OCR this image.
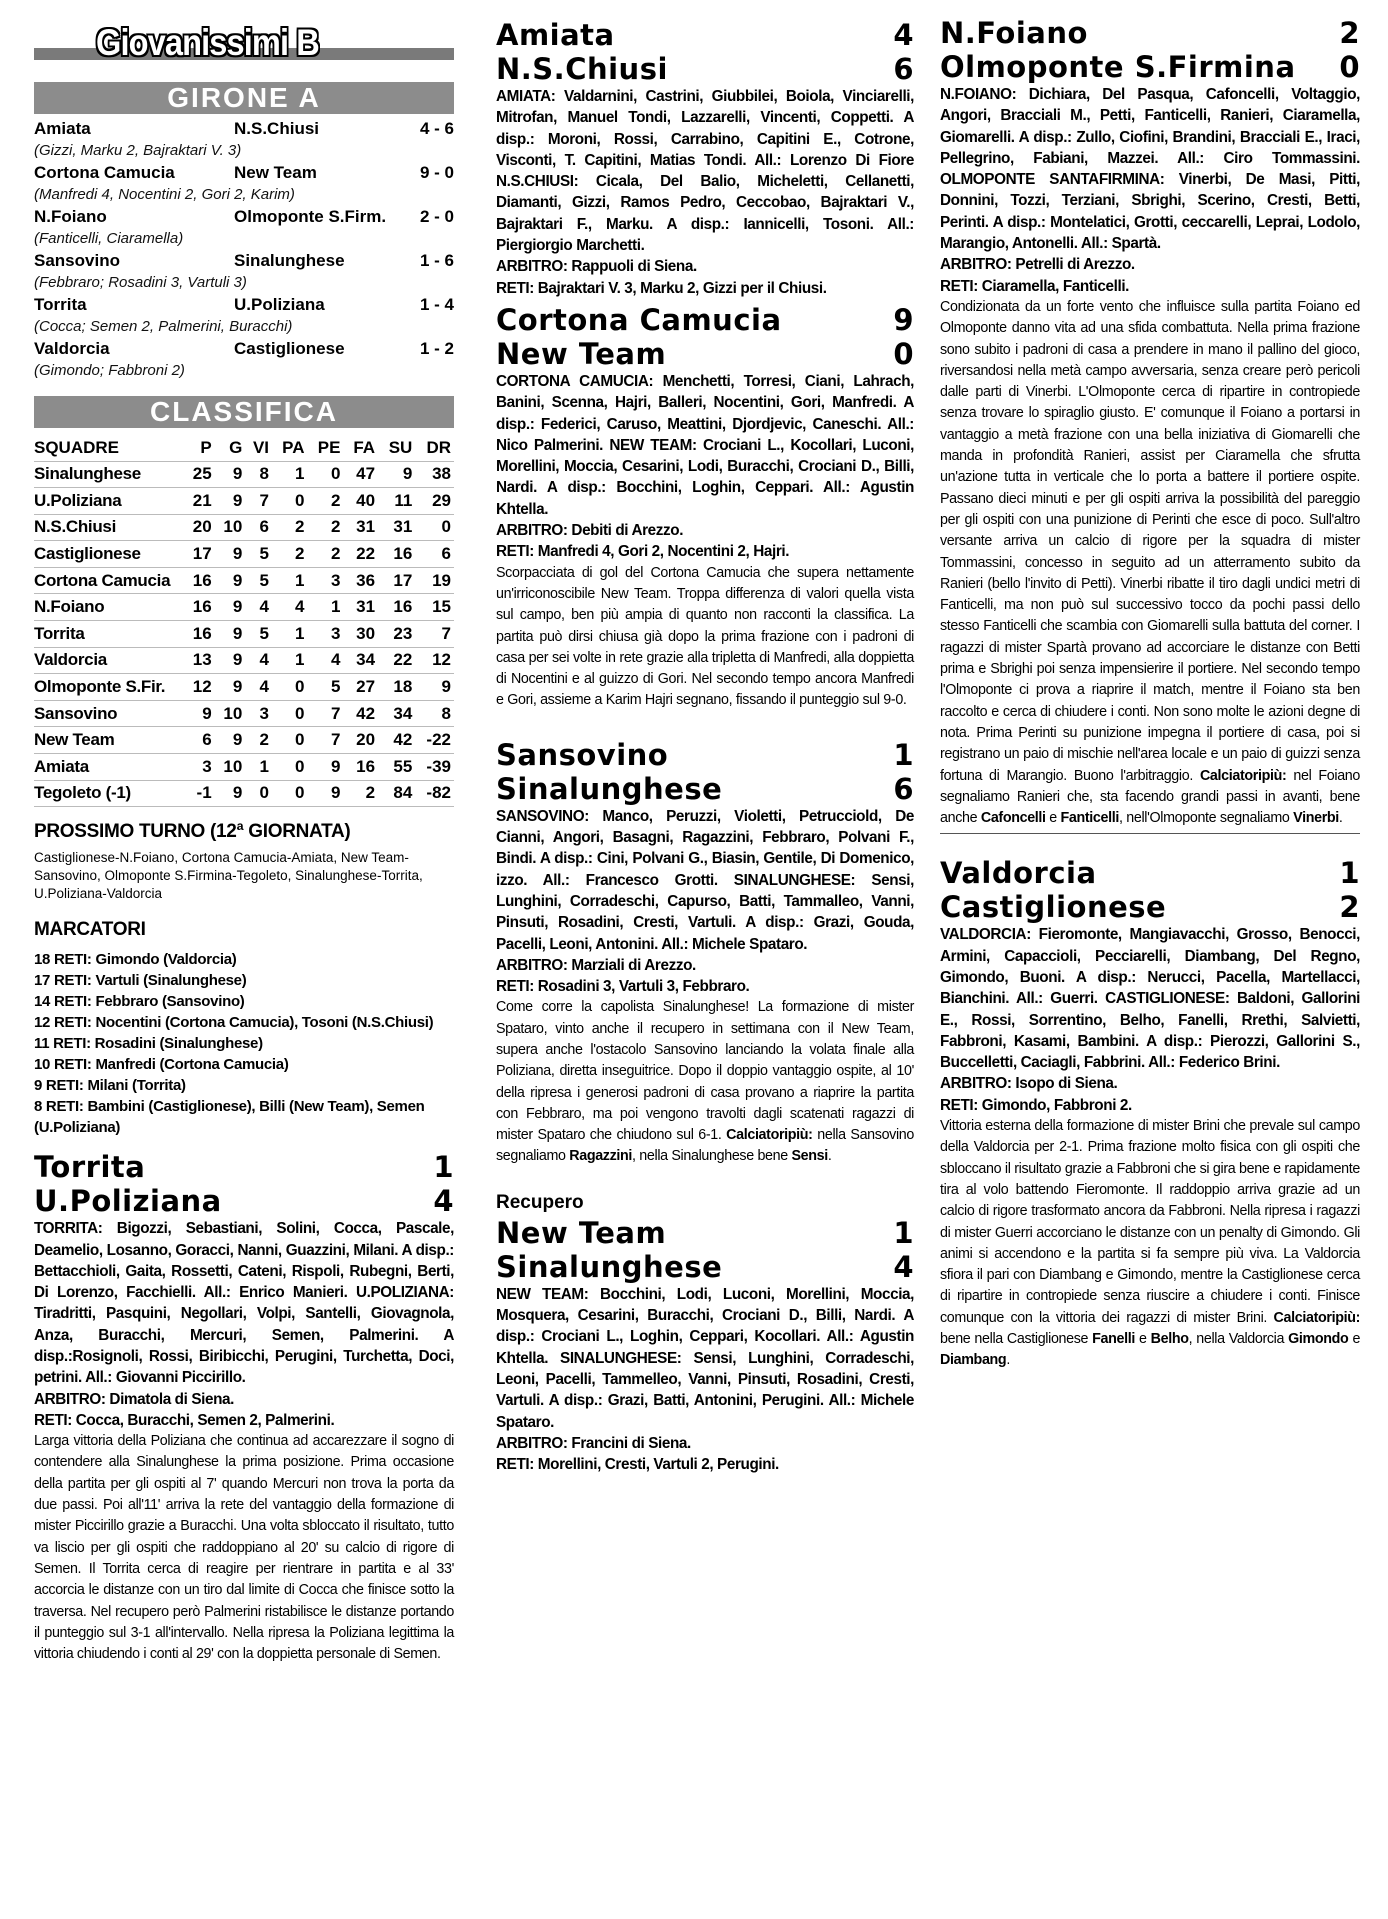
Giovanissimi B
GIRONE A
Amiata	N.S.Chiusi	4 - 6
(Gizzi, Marku 2, Bajraktari V. 3)
Cortona Camucia	New Team	9 - 0
(Manfredi 4, Nocentini 2, Gori 2, Karim)
N.Foiano	Olmoponte S.Firm.	2 - 0
(Fanticelli, Ciaramella)
Sansovino	Sinalunghese	1 - 6
(Febbraro; Rosadini 3, Vartuli 3)
Torrita	U.Poliziana	1 - 4
(Cocca; Semen 2, Palmerini, Buracchi)
Valdorcia	Castiglionese	1 - 2
(Gimondo; Fabbroni 2)
CLASSIFICA
SQUADRE	P	G	VI	PA	PE	FA	SU	DR
Sinalunghese	25	9	8	1	0	47	9	38
U.Poliziana	21	9	7	0	2	40	11	29
N.S.Chiusi	20	10	6	2	2	31	31	0
Castiglionese	17	9	5	2	2	22	16	6
Cortona Camucia	16	9	5	1	3	36	17	19
N.Foiano	16	9	4	4	1	31	16	15
Torrita	16	9	5	1	3	30	23	7
Valdorcia	13	9	4	1	4	34	22	12
Olmoponte S.Fir.	12	9	4	0	5	27	18	9
Sansovino	9	10	3	0	7	42	34	8
New Team	6	9	2	0	7	20	42	-22
Amiata	3	10	1	0	9	16	55	-39
Tegoleto (-1)	-1	9	0	0	9	2	84	-82
PROSSIMO TURNO (12ª GIORNATA)
Castiglionese-N.Foiano, Cortona Camucia-Amiata, New Team-Sansovino, Olmoponte S.Firmina-Tegoleto, Sinalunghese-Torrita, U.Poliziana-Valdorcia
MARCATORI
18 RETI: Gimondo (Valdorcia)
17 RETI: Vartuli (Sinalunghese)
14 RETI: Febbraro (Sansovino)
12 RETI: Nocentini (Cortona Camucia), Tosoni (N.S.Chiusi)
11 RETI: Rosadini (Sinalunghese)
10 RETI: Manfredi (Cortona Camucia)
9 RETI: Milani (Torrita)
8 RETI: Bambini (Castiglionese), Billi (New Team), Semen (U.Poliziana)
Torrita	1
U.Poliziana	4
TORRITA: Bigozzi, Sebastiani, Solini, Cocca, Pascale, Deamelio, Losanno, Goracci, Nanni, Guazzini, Milani. A disp.: Bettacchioli, Gaita, Rossetti, Cateni, Rispoli, Rubegni, Berti, Di Lorenzo, Facchielli. All.: Enrico Manieri. U.POLIZIANA: Tiradritti, Pasquini, Negollari, Volpi, Santelli, Giovagnola, Anza, Buracchi, Mercuri, Semen, Palmerini. A disp.:Rosignoli, Rossi, Biribicchi, Perugini, Turchetta, Doci, petrini. All.: Giovanni Piccirillo.
ARBITRO: Dimatola di Siena.
RETI: Cocca, Buracchi, Semen 2, Palmerini.
Larga vittoria della Poliziana che continua ad accarezzare il sogno di contendere alla Sinalunghese la prima posizione. Prima occasione della partita per gli ospiti al 7' quando Mercuri non trova la porta da due passi. Poi all'11' arriva la rete del vantaggio della formazione di mister Piccirillo grazie a Buracchi. Una volta sbloccato il risultato, tutto va liscio per gli ospiti che raddoppiano al 20' su calcio di rigore di Semen. Il Torrita cerca di reagire per rientrare in partita e al 33' accorcia le distanze con un tiro dal limite di Cocca che finisce sotto la traversa. Nel recupero però Palmerini ristabilisce le distanze portando il punteggio sul 3-1 all'intervallo. Nella ripresa la Poliziana legittima la vittoria chiudendo i conti al 29' con la doppietta personale di Semen.
Amiata	4
N.S.Chiusi	6
AMIATA: Valdarnini, Castrini, Giubbilei, Boiola, Vinciarelli, Mitrofan, Manuel Tondi, Lazzarelli, Vincenti, Coppetti. A disp.: Moroni, Rossi, Carrabino, Capitini E., Cotrone, Visconti, T. Capitini, Matias Tondi. All.: Lorenzo Di Fiore N.S.CHIUSI: Cicala, Del Balio, Micheletti, Cellanetti, Diamanti, Gizzi, Ramos Pedro, Ceccobao, Bajraktari V., Bajraktari F., Marku. A disp.: Iannicelli, Tosoni. All.: Piergiorgio Marchetti.
ARBITRO: Rappuoli di Siena.
RETI: Bajraktari V. 3, Marku 2, Gizzi per il Chiusi.
Cortona Camucia	9
New Team	0
CORTONA CAMUCIA: Menchetti, Torresi, Ciani, Lahrach, Banini, Scenna, Hajri, Balleri, Nocentini, Gori, Manfredi. A disp.: Federici, Caruso, Meattini, Djordjevic, Caneschi. All.: Nico Palmerini. NEW TEAM: Crociani L., Kocollari, Luconi, Morellini, Moccia, Cesarini, Lodi, Buracchi, Crociani D., Billi, Nardi. A disp.: Bocchini, Loghin, Ceppari. All.: Agustin Khtella.
ARBITRO: Debiti di Arezzo.
RETI: Manfredi 4, Gori 2, Nocentini 2, Hajri.
Scorpacciata di gol del Cortona Camucia che supera nettamente un'irriconoscibile New Team. Troppa differenza di valori quella vista sul campo, ben più ampia di quanto non racconti la classifica. La partita può dirsi chiusa già dopo la prima frazione con i padroni di casa per sei volte in rete grazie alla tripletta di Manfredi, alla doppietta di Nocentini e al guizzo di Gori. Nel secondo tempo ancora Manfredi e Gori, assieme a Karim Hajri segnano, fissando il punteggio sul 9-0.
Sansovino	1
Sinalunghese	6
SANSOVINO: Manco, Peruzzi, Violetti, Petrucciold, De Cianni, Angori, Basagni, Ragazzini, Febbraro, Polvani F., Bindi. A disp.: Cini, Polvani G., Biasin, Gentile, Di Domenico, izzo. All.: Francesco Grotti. SINALUNGHESE: Sensi, Lunghini, Corradeschi, Capurso, Batti, Tammalleo, Vanni, Pinsuti, Rosadini, Cresti, Vartuli. A disp.: Grazi, Gouda, Pacelli, Leoni, Antonini. All.: Michele Spataro.
ARBITRO: Marziali di Arezzo.
RETI: Rosadini 3, Vartuli 3, Febbraro.
Come corre la capolista Sinalunghese! La formazione di mister Spataro, vinto anche il recupero in settimana con il New Team, supera anche l'ostacolo Sansovino lanciando la volata finale alla Poliziana, diretta inseguitrice. Dopo il doppio vantaggio ospite, al 10' della ripresa i generosi padroni di casa provano a riaprire la partita con Febbraro, ma poi vengono travolti dagli scatenati ragazzi di mister Spataro che chiudono sul 6-1. Calciatoripiù: nella Sansovino segnaliamo Ragazzini, nella Sinalunghese bene Sensi.
Recupero
New Team	1
Sinalunghese	4
NEW TEAM: Bocchini, Lodi, Luconi, Morellini, Moccia, Mosquera, Cesarini, Buracchi, Crociani D., Billi, Nardi. A disp.: Crociani L., Loghin, Ceppari, Kocollari. All.: Agustin Khtella. SINALUNGHESE: Sensi, Lunghini, Corradeschi, Leoni, Pacelli, Tammelleo, Vanni, Pinsuti, Rosadini, Cresti, Vartuli. A disp.: Grazi, Batti, Antonini, Perugini. All.: Michele Spataro.
ARBITRO: Francini di Siena.
RETI: Morellini, Cresti, Vartuli 2, Perugini.
N.Foiano	2
Olmoponte S.Firmina	0
N.FOIANO: Dichiara, Del Pasqua, Cafoncelli, Voltaggio, Angori, Bracciali M., Petti, Fanticelli, Ranieri, Ciaramella, Giomarelli. A disp.: Zullo, Ciofini, Brandini, Bracciali E., Iraci, Pellegrino, Fabiani, Mazzei. All.: Ciro Tommassini. OLMOPONTE SANTAFIRMINA: Vinerbi, De Masi, Pitti, Donnini, Tozzi, Terziani, Sbrighi, Scerino, Cresti, Betti, Perinti. A disp.: Montelatici, Grotti, ceccarelli, Leprai, Lodolo, Marangio, Antonelli. All.: Spartà.
ARBITRO: Petrelli di Arezzo.
RETI: Ciaramella, Fanticelli.
Condizionata da un forte vento che influisce sulla partita Foiano ed Olmoponte danno vita ad una sfida combattuta. Nella prima frazione sono subito i padroni di casa a prendere in mano il pallino del gioco, riversandosi nella metà campo avversaria, senza creare però pericoli dalle parti di Vinerbi. L'Olmoponte cerca di ripartire in contropiede senza trovare lo spiraglio giusto. E' comunque il Foiano a portarsi in vantaggio a metà frazione con una bella iniziativa di Giomarelli che manda in profondità Ranieri, assist per Ciaramella che sfrutta un'azione tutta in verticale che lo porta a battere il portiere ospite. Passano dieci minuti e per gli ospiti arriva la possibilità del pareggio per gli ospiti con una punizione di Perinti che esce di poco. Sull'altro versante arriva un calcio di rigore per la squadra di mister Tommassini, concesso in seguito ad un atterramento subito da Ranieri (bello l'invito di Petti). Vinerbi ribatte il tiro dagli undici metri di Fanticelli, ma non può sul successivo tocco da pochi passi dello stesso Fanticelli che scambia con Giomarelli sulla battuta del corner. I ragazzi di mister Spartà provano ad accorciare le distanze con Betti prima e Sbrighi poi senza impensierire il portiere. Nel secondo tempo l'Olmoponte ci prova a riaprire il match, mentre il Foiano sta ben raccolto e cerca di chiudere i conti. Non sono molte le azioni degne di nota. Prima Perinti su punizione impegna il portiere di casa, poi si registrano un paio di mischie nell'area locale e un paio di guizzi senza fortuna di Marangio. Buono l'arbitraggio. Calciatoripiù: nel Foiano segnaliamo Ranieri che, sta facendo grandi passi in avanti, bene anche Cafoncelli e Fanticelli, nell'Olmoponte segnaliamo Vinerbi.
Valdorcia	1
Castiglionese	2
VALDORCIA: Fieromonte, Mangiavacchi, Grosso, Benocci, Armini, Capaccioli, Pecciarelli, Diambang, Del Regno, Gimondo, Buoni. A disp.: Nerucci, Pacella, Martellacci, Bianchini. All.: Guerri. CASTIGLIONESE: Baldoni, Gallorini E., Rossi, Sorrentino, Belho, Fanelli, Rrethi, Salvietti, Fabbroni, Kasami, Bambini. A disp.: Pierozzi, Gallorini S., Buccelletti, Caciagli, Fabbrini. All.: Federico Brini.
ARBITRO: Isopo di Siena.
RETI: Gimondo, Fabbroni 2.
Vittoria esterna della formazione di mister Brini che prevale sul campo della Valdorcia per 2-1. Prima frazione molto fisica con gli ospiti che sbloccano il risultato grazie a Fabbroni che si gira bene e rapidamente tira al volo battendo Fieromonte. Il raddoppio arriva grazie ad un calcio di rigore trasformato ancora da Fabbroni. Nella ripresa i ragazzi di mister Guerri accorciano le distanze con un penalty di Gimondo. Gli animi si accendono e la partita si fa sempre più viva. La Valdorcia sfiora il pari con Diambang e Gimondo, mentre la Castiglionese cerca di ripartire in contropiede senza riuscire a chiudere i conti. Finisce comunque con la vittoria dei ragazzi di mister Brini. Calciatoripiù: bene nella Castiglionese Fanelli e Belho, nella Valdorcia Gimondo e Diambang.
